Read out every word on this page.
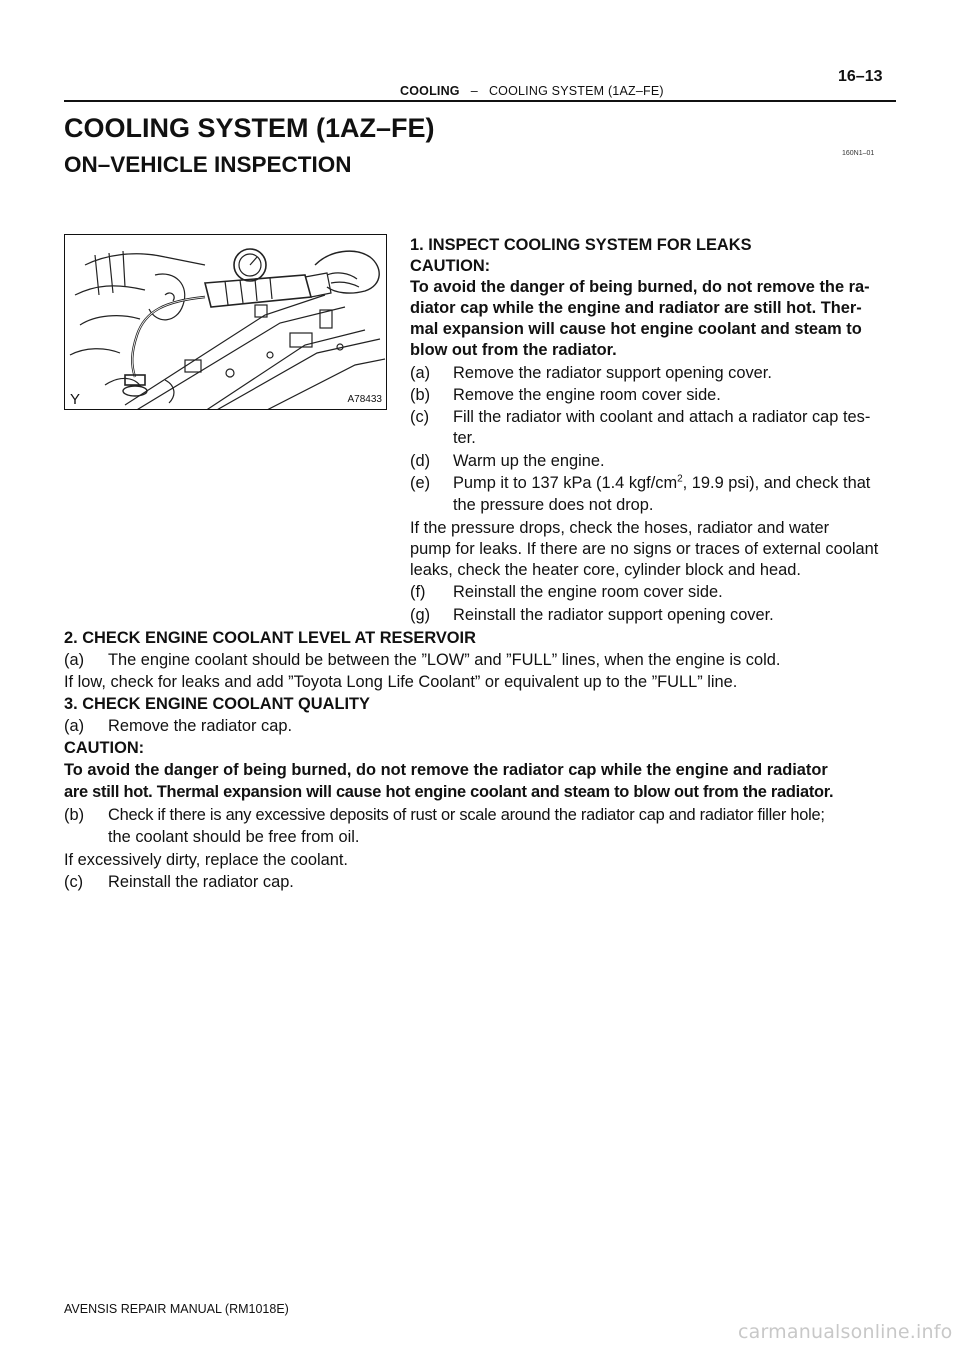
16–13
COOLING – COOLING SYSTEM (1AZ–FE)
COOLING SYSTEM (1AZ–FE)
160N1–01
ON–VEHICLE INSPECTION
Y	A78433
1. INSPECT COOLING SYSTEM FOR LEAKS
CAUTION:
To avoid the danger of being burned, do not remove the ra-
diator cap while the engine and radiator are still hot. Ther-
mal expansion will cause hot engine coolant and steam to
blow out from the radiator.
(a) Remove the radiator support opening cover.
(b) Remove the engine room cover side.
(c) Fill the radiator with coolant and attach a radiator cap tes-
ter.
(d) Warm up the engine.
(e) Pump it to 137 kPa (1.4 kgf/$cm^2$, 19.9 psi), and check that
the pressure does not drop.
If the pressure drops, check the hoses, radiator and water
pump for leaks. If there are no signs or traces of external coolant
leaks, check the heater core, cylinder block and head.
(f) Reinstall the engine room cover side.
(g) Reinstall the radiator support opening cover.
2. CHECK ENGINE COOLANT LEVEL AT RESERVOIR
(a) The engine coolant should be between the ”LOW” and ”FULL” lines, when the engine is cold.
If low, check for leaks and add ”Toyota Long Life Coolant” or equivalent up to the ”FULL” line.
3. CHECK ENGINE COOLANT QUALITY
(a) Remove the radiator cap.
CAUTION:
To avoid the danger of being burned, do not remove the radiator cap while the engine and radiator
are still hot. Thermal expansion will cause hot engine coolant and steam to blow out from the radiator.
(b) Check if there is any excessive deposits of rust or scale around the radiator cap and radiator filler hole;
the coolant should be free from oil.
If excessively dirty, replace the coolant.
(c) Reinstall the radiator cap.
AVENSIS REPAIR MANUAL (RM1018E)
carmanualsonline.info
